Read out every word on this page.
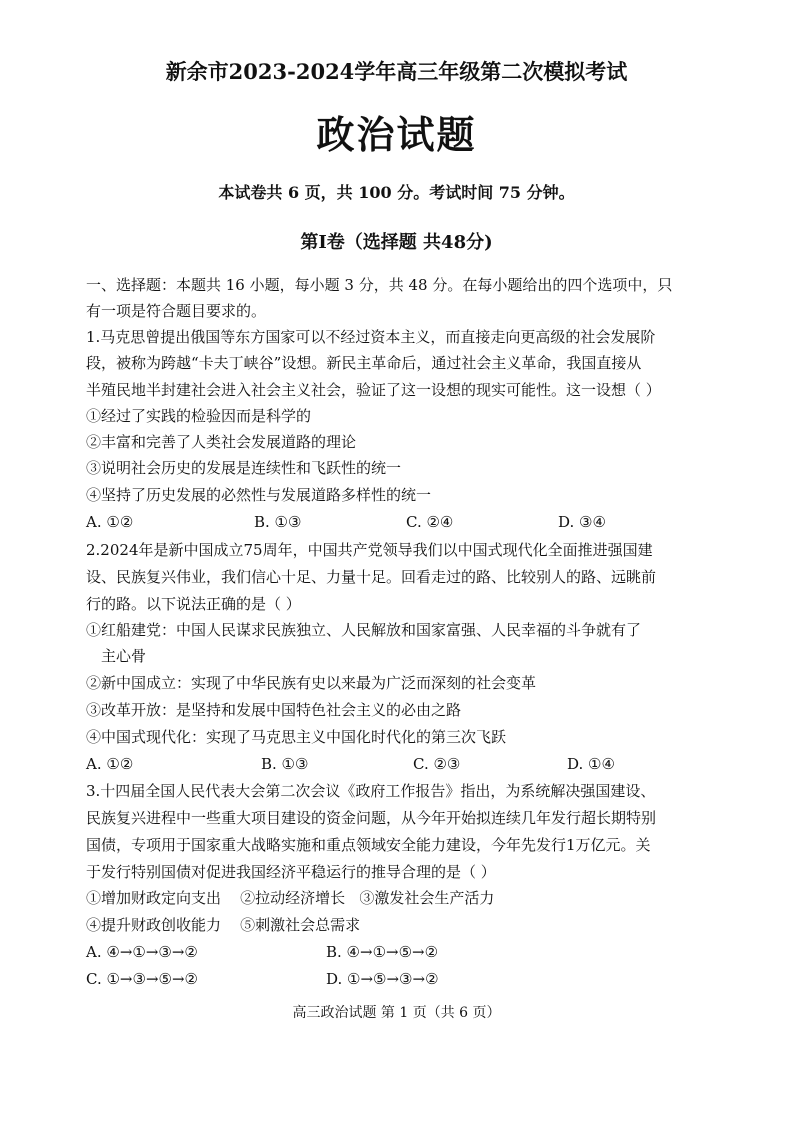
新余市2023-2024学年高三年级第二次模拟考试
政治试题
本试卷共 6 页，共 100 分。考试时间 75 分钟。
第Ⅰ卷（选择题 共48分)
一、选择题：本题共 16 小题，每小题 3 分，共 48 分。在每小题给出的四个选项中，只
有一项是符合题目要求的。
1.马克思曾提出俄国等东方国家可以不经过资本主义，而直接走向更高级的社会发展阶
段，被称为跨越“卡夫丁峡谷”设想。新民主革命后，通过社会主义革命，我国直接从
半殖民地半封建社会进入社会主义社会，验证了这一设想的现实可能性。这一设想（ ）
①经过了实践的检验因而是科学的
②丰富和完善了人类社会发展道路的理论
③说明社会历史的发展是连续性和飞跃性的统一
④坚持了历史发展的必然性与发展道路多样性的统一
A. ①②	B. ①③	C. ②④	D. ③④
2.2024年是新中国成立75周年，中国共产党领导我们以中国式现代化全面推进强国建
设、民族复兴伟业，我们信心十足、力量十足。回看走过的路、比较别人的路、远眺前
行的路。以下说法正确的是（ ）
①红船建党：中国人民谋求民族独立、人民解放和国家富强、人民幸福的斗争就有了
主心骨
②新中国成立：实现了中华民族有史以来最为广泛而深刻的社会变革
③改革开放：是坚持和发展中国特色社会主义的必由之路
④中国式现代化：实现了马克思主义中国化时代化的第三次飞跃
A. ①②	B. ①③	C. ②③	D. ①④
3.十四届全国人民代表大会第二次会议《政府工作报告》指出，为系统解决强国建设、
民族复兴进程中一些重大项目建设的资金问题，从今年开始拟连续几年发行超长期特别
国债，专项用于国家重大战略实施和重点领域安全能力建设，今年先发行1万亿元。关
于发行特别国债对促进我国经济平稳运行的推导合理的是（ ）
①增加财政定向支出    ②拉动经济增长   ③激发社会生产活力
④提升财政创收能力    ⑤刺激社会总需求
A. ④→①→③→②	B. ④→①→⑤→②
C. ①→③→⑤→②	D. ①→⑤→③→②
高三政治试题 第 1 页（共 6 页）
